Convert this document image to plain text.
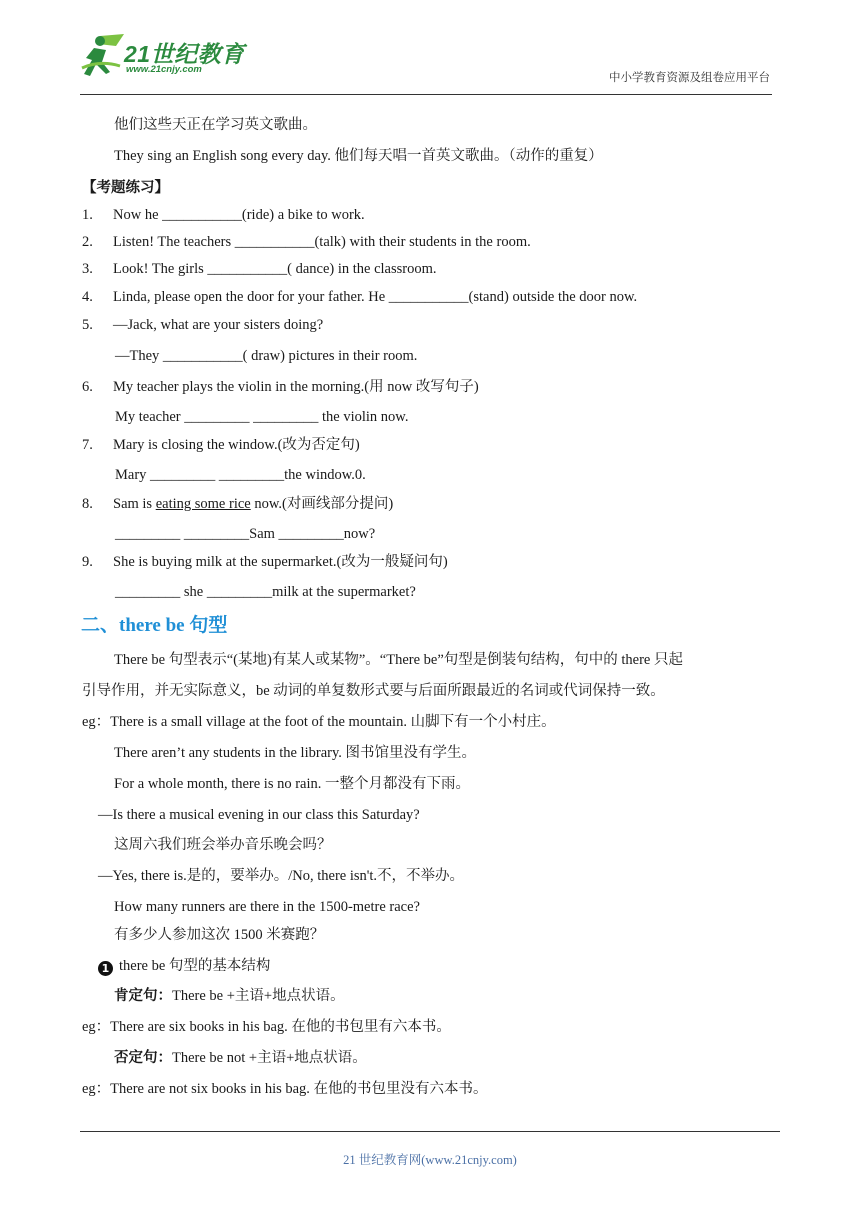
21世纪教育
www.21cnjy.com
中小学教育资源及组卷应用平台
他们这些天正在学习英文歌曲。
They sing an English song every day. 他们每天唱一首英文歌曲。（动作的重复）
【考题练习】
1. Now he ___________(ride) a bike to work.
2. Listen! The teachers ___________(talk) with their students in the room.
3. Look! The girls ___________( dance) in the classroom.
4. Linda, please open the door for your father. He ___________(stand) outside the door now.
5. —Jack, what are your sisters doing?
—They ___________( draw) pictures in their room.
6. My teacher plays the violin in the morning.(用 now 改写句子)
My teacher _________ _________ the violin now.
7. Mary is closing the window.(改为否定句)
Mary _________ _________the window.0.
8. Sam is eating some rice now.(对画线部分提问)
_________ _________Sam _________now?
9. She is buying milk at the supermarket.(改为一般疑问句)
_________ she _________milk at the supermarket?
二、there be 句型
There be 句型表示“(某地)有某人或某物”。“There be”句型是倒装句结构，句中的 there 只起
引导作用，并无实际意义，be 动词的单复数形式要与后面所跟最近的名词或代词保持一致。
eg：There is a small village at the foot of the mountain. 山脚下有一个小村庄。
There aren’t any students in the library. 图书馆里没有学生。
For a whole month, there is no rain. 一整个月都没有下雨。
—Is there a musical evening in our class this Saturday?
这周六我们班会举办音乐晚会吗？
—Yes, there is.是的，要举办。/No, there isn't.不，不举办。
How many runners are there in the 1500-metre race?
有多少人参加这次 1500 米赛跑？
1 there be 句型的基本结构
肯定句：There be +主语+地点状语。
eg：There are six books in his bag. 在他的书包里有六本书。
否定句：There be not +主语+地点状语。
eg：There are not six books in his bag. 在他的书包里没有六本书。
21 世纪教育网(www.21cnjy.com)
